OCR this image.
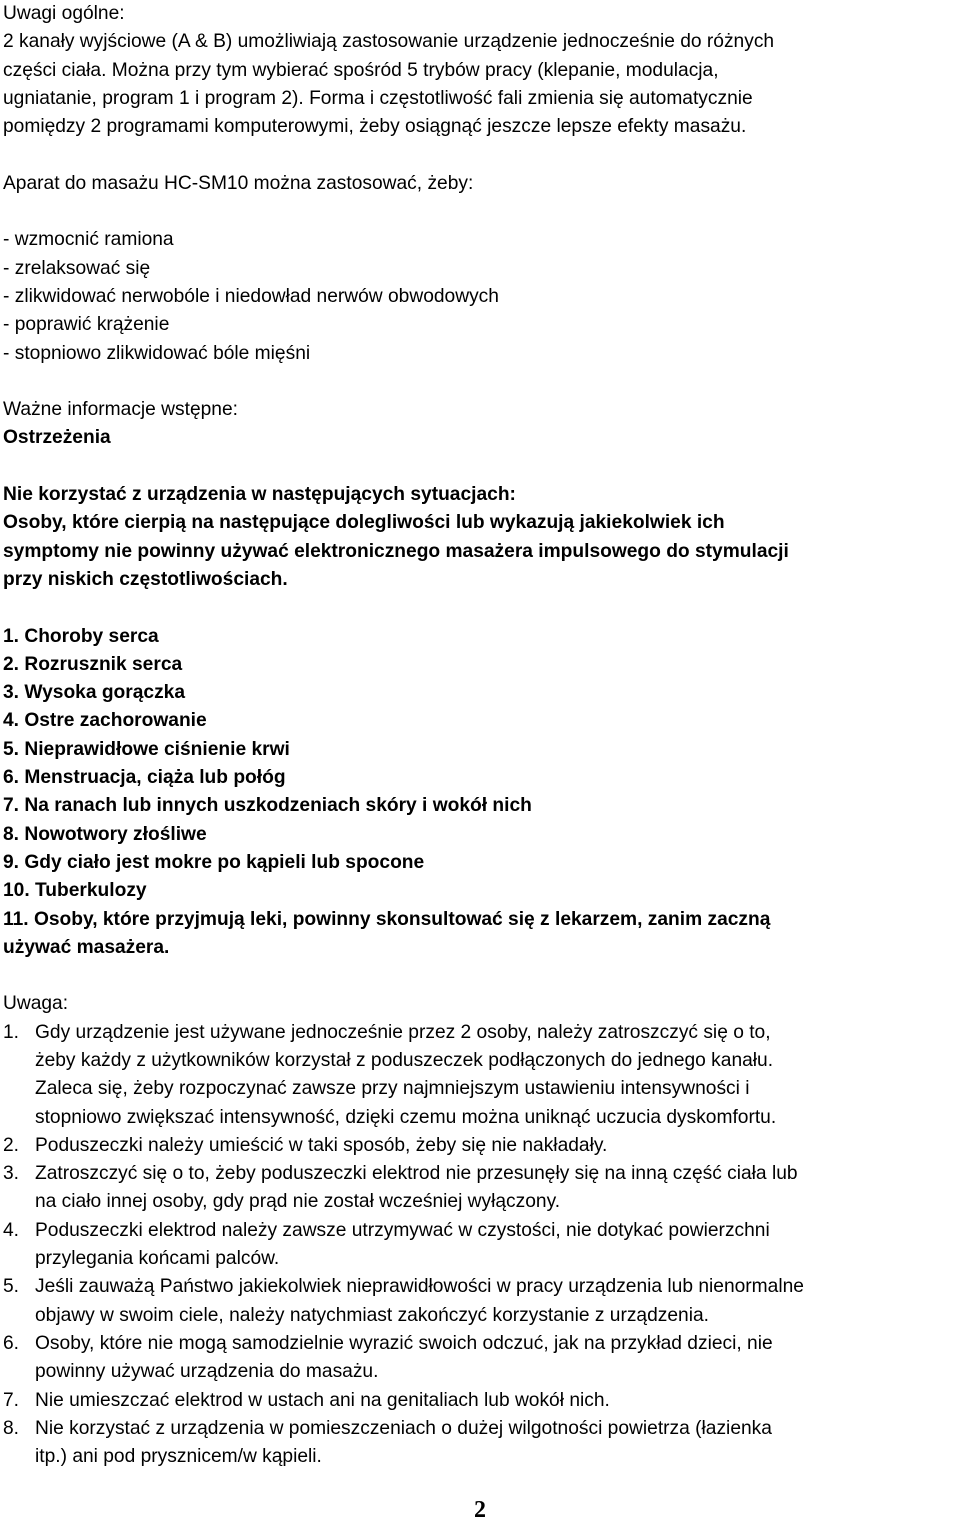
Uwagi ogólne:

2 kanały wyjściowe (A & B) umożliwiają zastosowanie urządzenie jednocześnie do różnych

części ciała. Można przy tym wybierać spośród 5 trybów pracy (klepanie, modulacja,

ugniatanie, program 1 i program 2). Forma i częstotliwość fali zmienia się automatycznie

pomiędzy 2 programami komputerowymi, żeby osiągnąć jeszcze lepsze efekty masażu.

Aparat do masażu HC-SM10 można zastosować, żeby:

- wzmocnić ramiona

- zrelaksować się

- zlikwidować nerwobóle i niedowład nerwów obwodowych

- poprawić krążenie

- stopniowo zlikwidować bóle mięśni

Ważne informacje wstępne:

Ostrzeżenia

Nie korzystać z urządzenia w następujących sytuacjach:

Osoby, które cierpią na następujące dolegliwości lub wykazują jakiekolwiek ich

symptomy nie powinny używać elektronicznego masażera impulsowego do stymulacji

przy niskich częstotliwościach.

1. Choroby serca

2. Rozrusznik serca

3. Wysoka gorączka

4. Ostre zachorowanie

5. Nieprawidłowe ciśnienie krwi

6. Menstruacja, ciąża lub połóg

7. Na ranach lub innych uszkodzeniach skóry i wokół nich

8. Nowotwory złośliwe

9. Gdy ciało jest mokre po kąpieli lub spocone

10. Tuberkulozy

11. Osoby, które przyjmują leki, powinny skonsultować się z lekarzem, zanim zaczną

używać masażera.

Uwaga:

1. Gdy urządzenie jest używane jednocześnie przez 2 osoby, należy zatroszczyć się o to,
żeby każdy z użytkowników korzystał z poduszeczek podłączonych do jednego kanału.
Zaleca się, żeby rozpoczynać zawsze przy najmniejszym ustawieniu intensywności i
stopniowo zwiększać intensywność, dzięki czemu można uniknąć uczucia dyskomfortu.
2. Poduszeczki należy umieścić w taki sposób, żeby się nie nakładały.
3. Zatroszczyć się o to, żeby poduszeczki elektrod nie przesunęły się na inną część ciała lub
na ciało innej osoby, gdy prąd nie został wcześniej wyłączony.
4. Poduszeczki elektrod należy zawsze utrzymywać w czystości, nie dotykać powierzchni
przylegania końcami palców.
5. Jeśli zauważą Państwo jakiekolwiek nieprawidłowości w pracy urządzenia lub nienormalne
objawy w swoim ciele, należy natychmiast zakończyć korzystanie z urządzenia.
6. Osoby, które nie mogą samodzielnie wyrazić swoich odczuć, jak na przykład dzieci, nie
powinny używać urządzenia do masażu.
7. Nie umieszczać elektrod w ustach ani na genitaliach lub wokół nich.
8. Nie korzystać z urządzenia w pomieszczeniach o dużej wilgotności powietrza (łazienka
itp.) ani pod prysznicem/w kąpieli.
2
